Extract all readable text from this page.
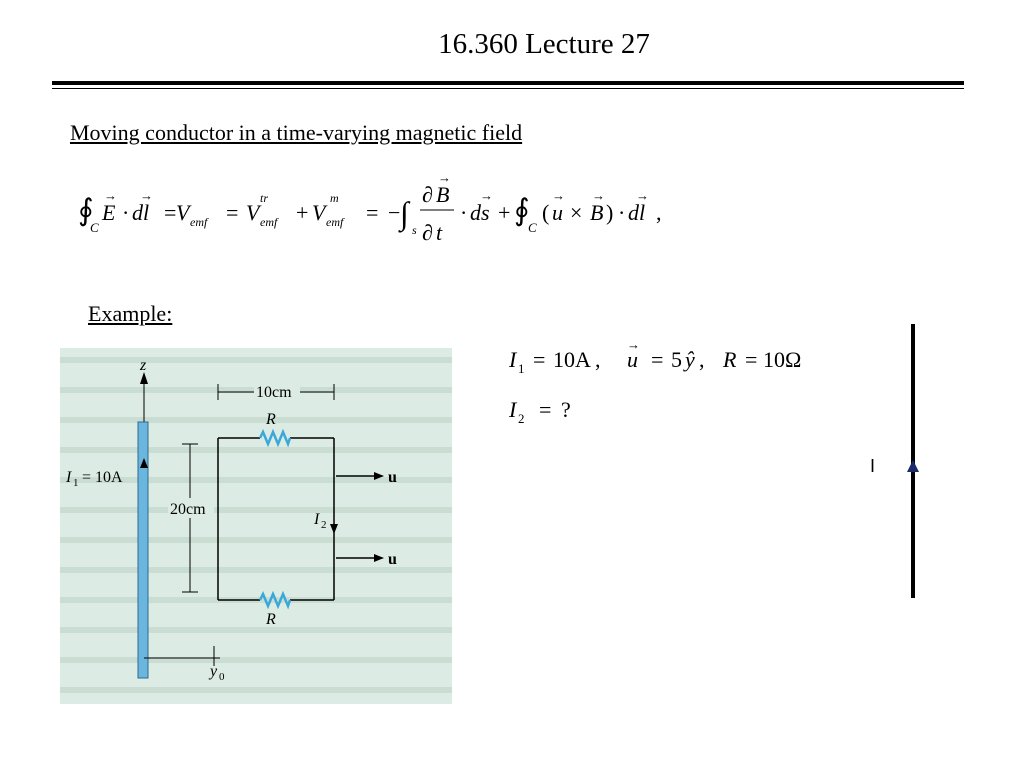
16.360 Lecture 27
Moving conductor in a time-varying magnetic field
∮
C
E
→
· dl
→
= V emf = V
tr
emf + V
m
emf = − ∫ s
∂ B
→
∂ t
· ds
→
+ ∮
C
( u
→
× B
→
) · dl
→
,
Example:
z
I 1 = 10A
y 0
10cm
R
R
20cm
I 2
u
u
I 1 = 10A , u
→
= 5 ŷ , R = 10Ω
I 2 = ?
I
